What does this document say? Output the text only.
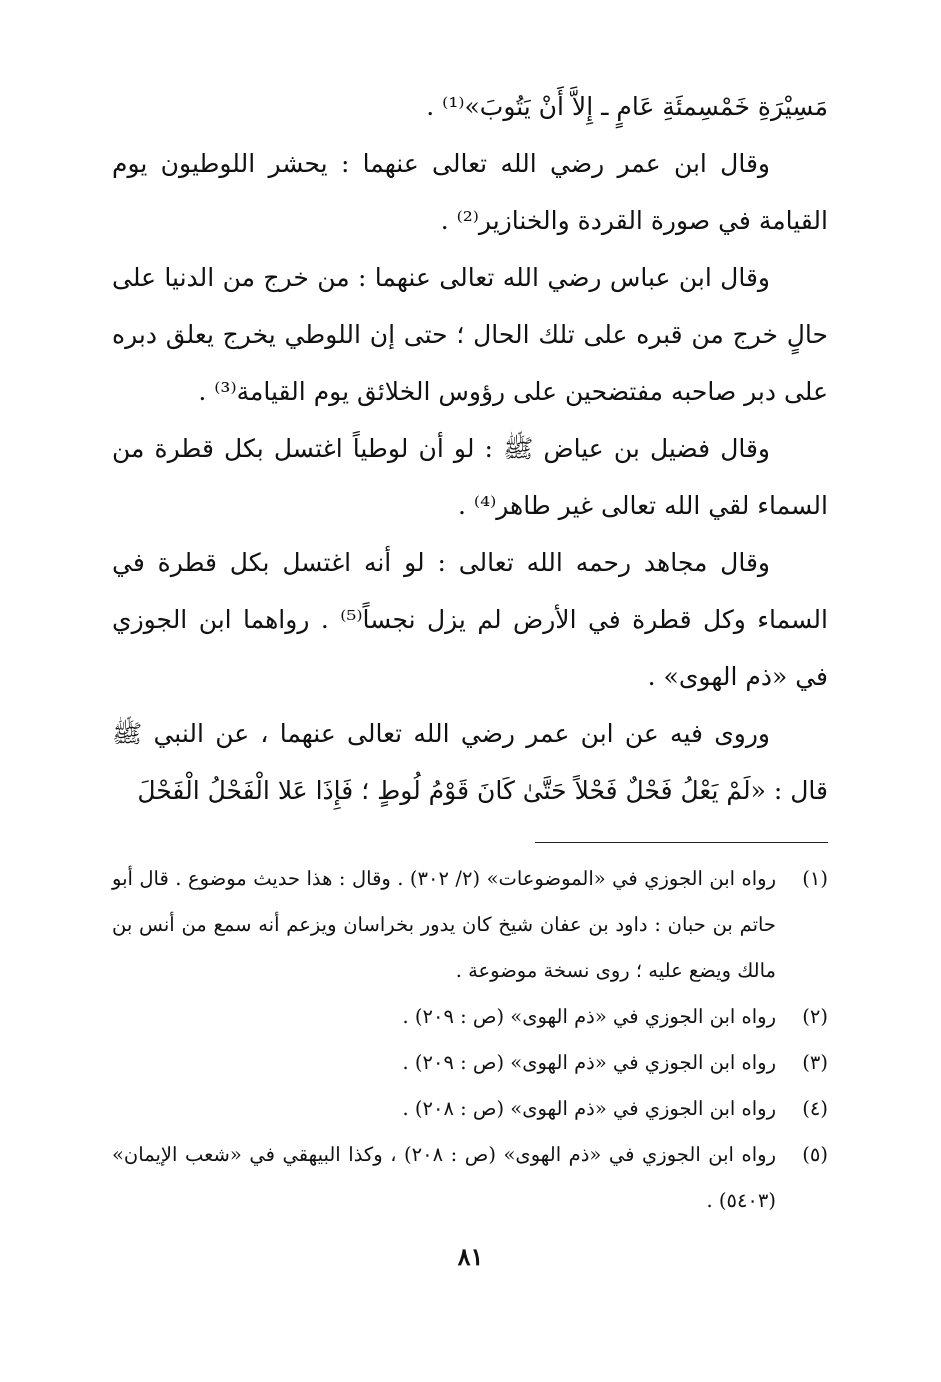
مَسِيْرَةِ خَمْسِمئَةِ عَامٍ ـ إِلاَّ أَنْ يَتُوبَ»⁽¹⁾ .

وقال ابن عمر رضي الله تعالى عنهما : يحشر اللوطيون يوم القيامة في صورة القردة والخنازير⁽²⁾ .

وقال ابن عباس رضي الله تعالى عنهما : من خرج من الدنيا على حالٍ خرج من قبره على تلك الحال ؛ حتى إن اللوطي يخرج يعلق دبره على دبر صاحبه مفتضحين على رؤوس الخلائق يوم القيامة⁽³⁾ .

وقال فضيل بن عياض ﷺ : لو أن لوطياً اغتسل بكل قطرة من السماء لقي الله تعالى غير طاهر⁽⁴⁾ .

وقال مجاهد رحمه الله تعالى : لو أنه اغتسل بكل قطرة في السماء وكل قطرة في الأرض لم يزل نجساً⁽⁵⁾ . رواهما ابن الجوزي في «ذم الهوى» .

وروى فيه عن ابن عمر رضي الله تعالى عنهما ، عن النبي ﷺ قال : «لَمْ يَعْلُ فَحْلٌ فَحْلاً حَتَّىٰ كَانَ قَوْمُ لُوطٍ ؛ فَإِذَا عَلا الْفَحْلُ الْفَحْلَ

(١)
رواه ابن الجوزي في «الموضوعات» (٢/ ٣٠٢) . وقال : هذا حديث موضوع . قال أبو حاتم بن حبان : داود بن عفان شيخ كان يدور بخراسان ويزعم أنه سمع من أنس بن مالك ويضع عليه ؛ روى نسخة موضوعة .
(٢)
رواه ابن الجوزي في «ذم الهوى» (ص : ٢٠٩) .
(٣)
رواه ابن الجوزي في «ذم الهوى» (ص : ٢٠٩) .
(٤)
رواه ابن الجوزي في «ذم الهوى» (ص : ٢٠٨) .
(٥)
رواه ابن الجوزي في «ذم الهوى» (ص : ٢٠٨) ، وكذا البيهقي في «شعب الإيمان» (٥٤٠٣) .
٨١
